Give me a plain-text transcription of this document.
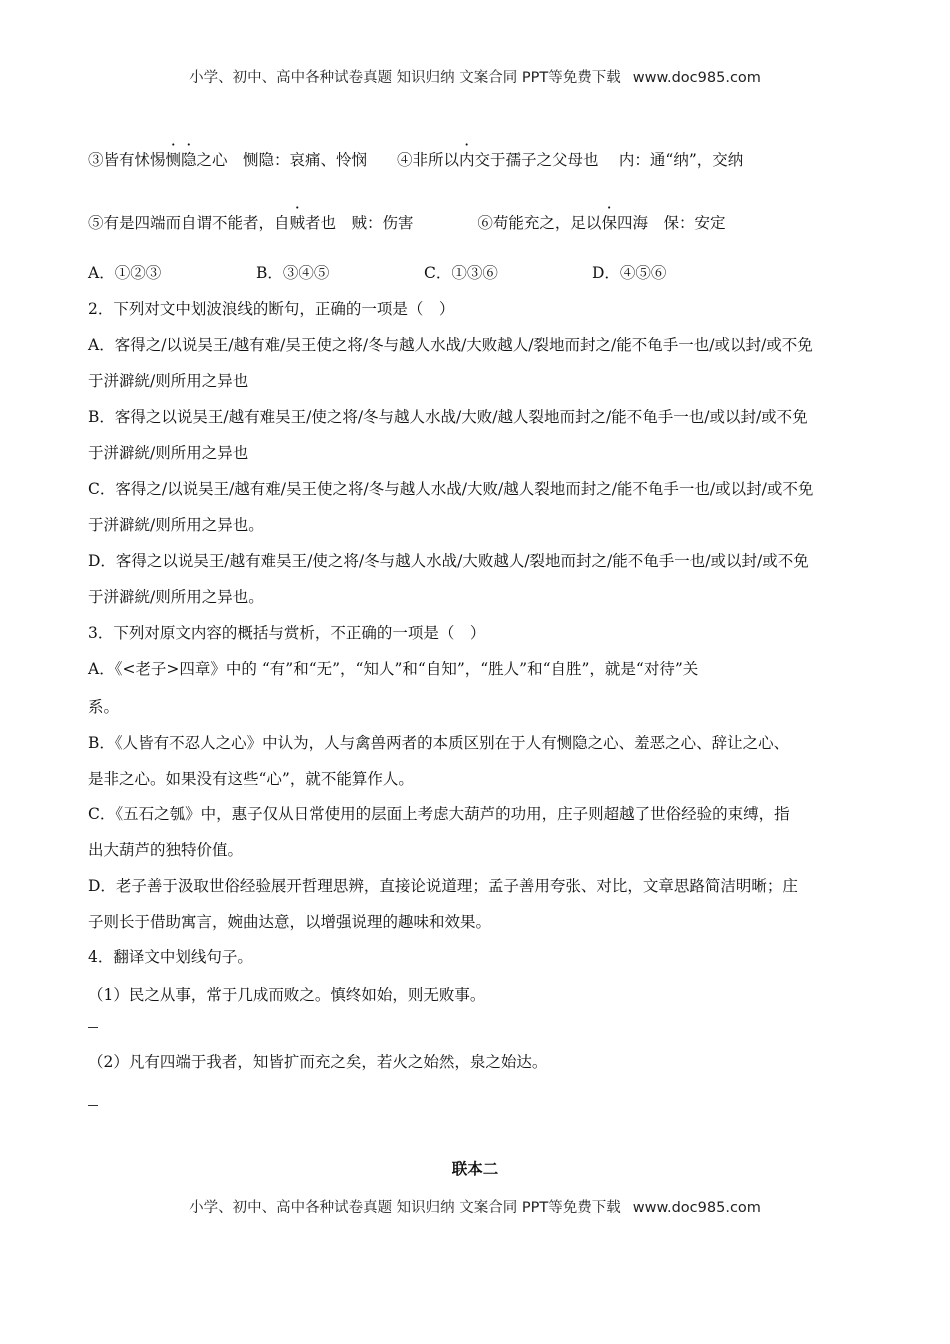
小学、初中、高中各种试卷真题 知识归纳 文案合同 PPT等免费下载 www.doc985.com
③皆有怵惕恻隐之心　恻隐：哀痛、怜悯 ④非所以内交于孺子之父母也　 内：通“纳”，交纳
⑤有是四端而自谓不能者，自贼者也　贼：伤害	⑥苟能充之，足以保四海　保：安定
A．①②③	B．③④⑤	C．①③⑥	D．④⑤⑥
2．下列对文中划波浪线的断句，正确的一项是（　）
A．客得之/以说吴王/越有难/吴王使之将/冬与越人水战/大败越人/裂地而封之/能不龟手一也/或以封/或不免
于洴澼絖/则所用之异也
B．客得之以说吴王/越有难吴王/使之将/冬与越人水战/大败/越人裂地而封之/能不龟手一也/或以封/或不免
于洴澼絖/则所用之异也
C．客得之/以说吴王/越有难/吴王使之将/冬与越人水战/大败/越人裂地而封之/能不龟手一也/或以封/或不免
于洴澼絖/则所用之异也。
D．客得之以说吴王/越有难吴王/使之将/冬与越人水战/大败越人/裂地而封之/能不龟手一也/或以封/或不免
于洴澼絖/则所用之异也。
3．下列对原文内容的概括与赏析，不正确的一项是（　）
A．《<老子>四章》中的 “有”和“无”，“知人”和“自知”，“胜人”和“自胜”，就是“对待”关
系。
B．《人皆有不忍人之心》中认为，人与禽兽两者的本质区别在于人有恻隐之心、羞恶之心、辞让之心、
是非之心。如果没有这些“心”，就不能算作人。
C．《五石之瓠》中，惠子仅从日常使用的层面上考虑大葫芦的功用，庄子则超越了世俗经验的束缚，指
出大葫芦的独特价值。
D．老子善于汲取世俗经验展开哲理思辨，直接论说道理；孟子善用夸张、对比，文章思路简洁明晰；庄
子则长于借助寓言，婉曲达意，以增强说理的趣味和效果。
4．翻译文中划线句子。
（1）民之从事，常于几成而败之。慎终如始，则无败事。
（2）凡有四端于我者，知皆扩而充之矣，若火之始然，泉之始达。
联本二
小学、初中、高中各种试卷真题 知识归纳 文案合同 PPT等免费下载 www.doc985.com
